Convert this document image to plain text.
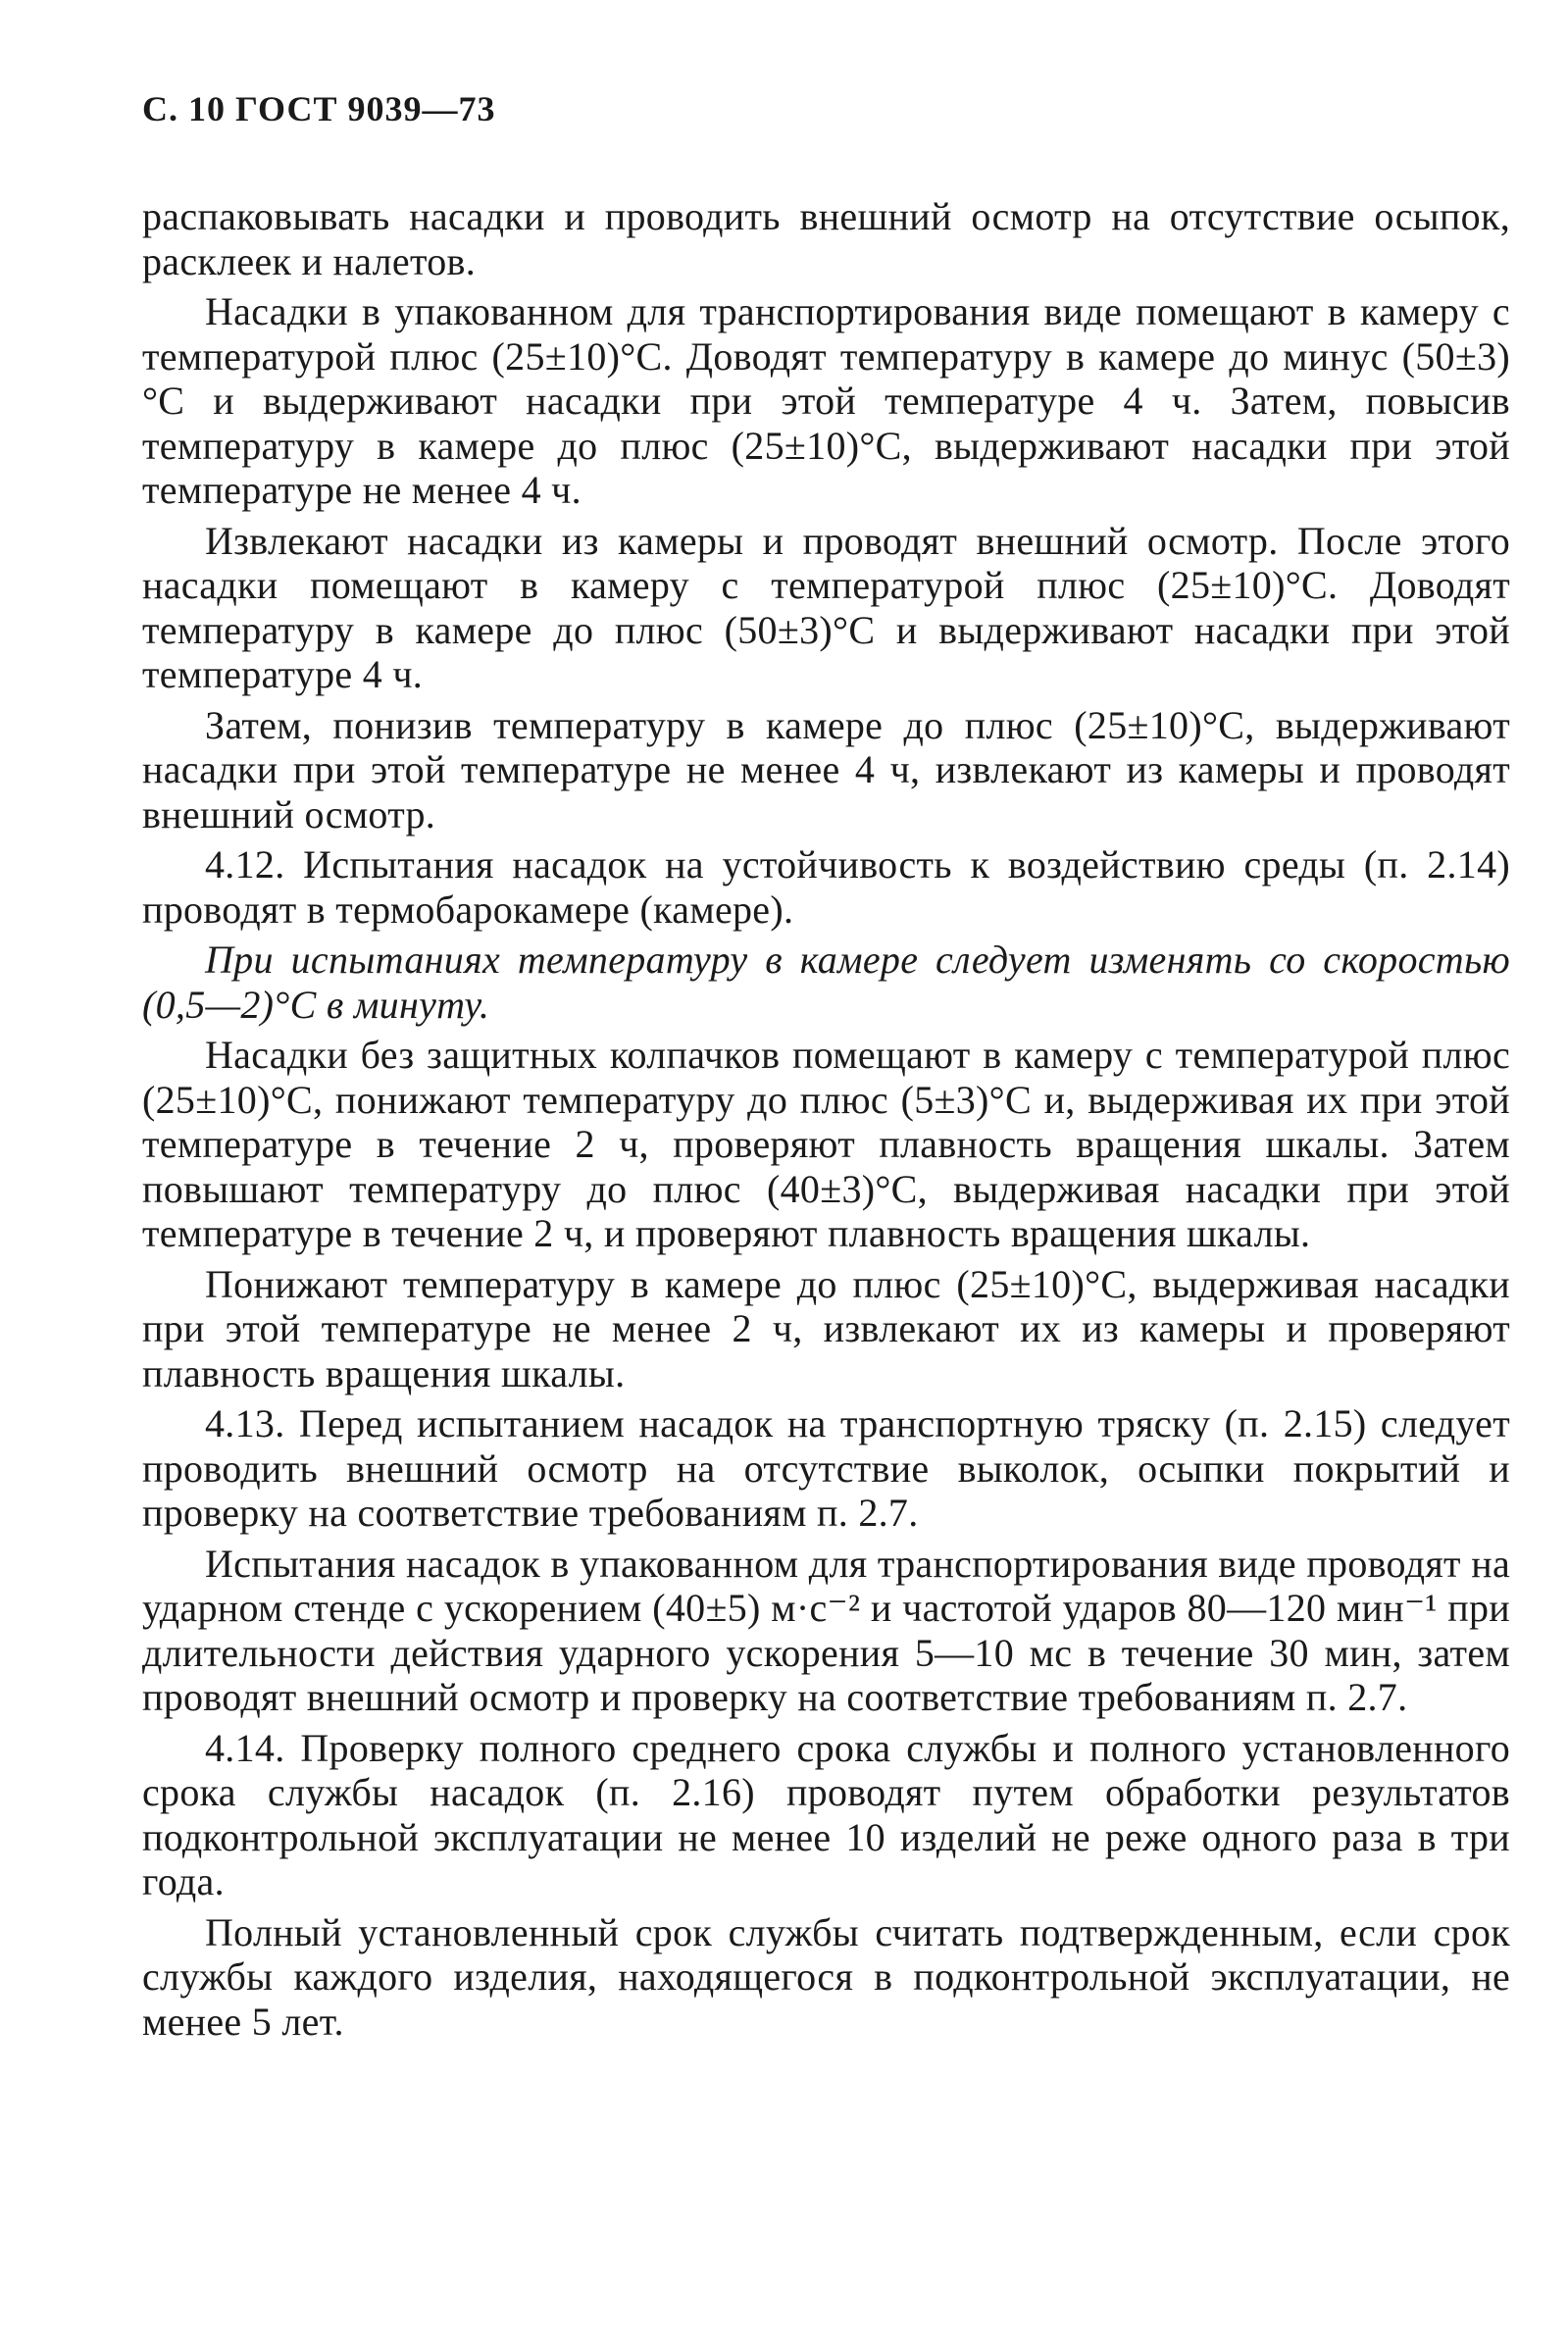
С. 10 ГОСТ 9039—73

распаковывать насадки и проводить внешний осмотр на отсутствие осыпок, расклеек и налетов.

Насадки в упакованном для транспортирования виде помещают в камеру с температурой плюс (25±10)°С. Доводят температуру в камере до минус (50±3)°С и выдерживают насадки при этой температуре 4 ч. Затем, повысив температуру в камере до плюс (25±10)°С, выдерживают насадки при этой температуре не менее 4 ч.

Извлекают насадки из камеры и проводят внешний осмотр. После этого насадки помещают в камеру с температурой плюс (25±10)°С. Доводят температуру в камере до плюс (50±3)°С и выдерживают насадки при этой температуре 4 ч.

Затем, понизив температуру в камере до плюс (25±10)°С, выдерживают насадки при этой температуре не менее 4 ч, извлекают из камеры и проводят внешний осмотр.

4.12. Испытания насадок на устойчивость к воздействию среды (п. 2.14) проводят в термобарокамере (камере).

При испытаниях температуру в камере следует изменять со скоростью (0,5—2)°С в минуту.

Насадки без защитных колпачков помещают в камеру с температурой плюс (25±10)°С, понижают температуру до плюс (5±3)°С и, выдерживая их при этой температуре в течение 2 ч, проверяют плавность вращения шкалы. Затем повышают температуру до плюс (40±3)°С, выдерживая насадки при этой температуре в течение 2 ч, и проверяют плавность вращения шкалы.

Понижают температуру в камере до плюс (25±10)°С, выдерживая насадки при этой температуре не менее 2 ч, извлекают их из камеры и проверяют плавность вращения шкалы.

4.13. Перед испытанием насадок на транспортную тряску (п. 2.15) следует проводить внешний осмотр на отсутствие выколок, осыпки покрытий и проверку на соответствие требованиям п. 2.7.

Испытания насадок в упакованном для транспортирования виде проводят на ударном стенде с ускорением (40±5) м·с⁻² и частотой ударов 80—120 мин⁻¹ при длительности действия ударного ускорения 5—10 мс в течение 30 мин, затем проводят внешний осмотр и проверку на соответствие требованиям п. 2.7.

4.14. Проверку полного среднего срока службы и полного установленного срока службы насадок (п. 2.16) проводят путем обработки результатов подконтрольной эксплуатации не менее 10 изделий не реже одного раза в три года.

Полный установленный срок службы считать подтвержденным, если срок службы каждого изделия, находящегося в подконтрольной эксплуатации, не менее 5 лет.
